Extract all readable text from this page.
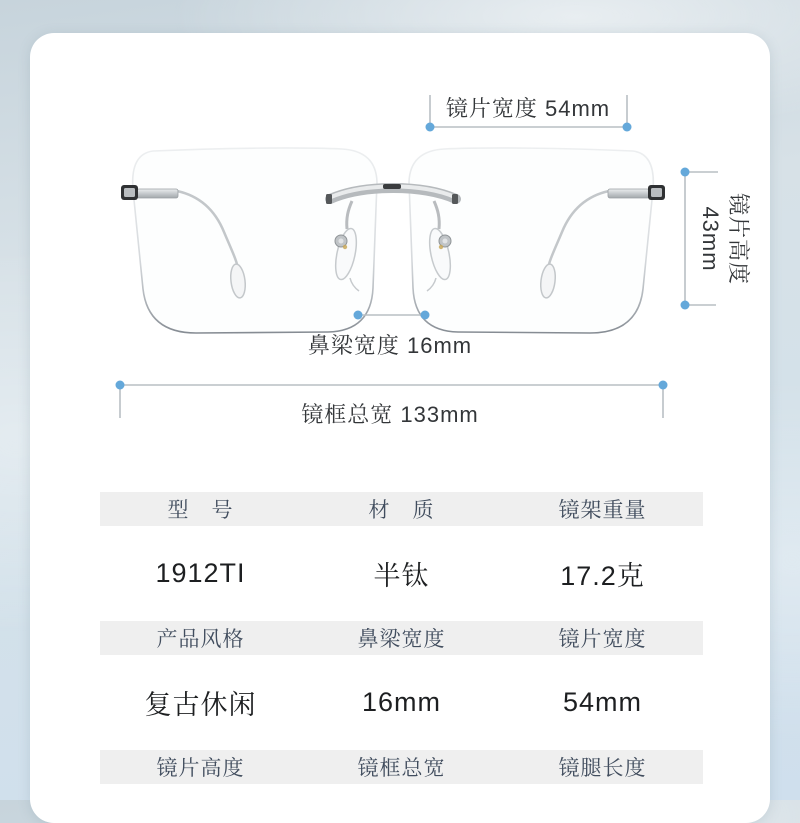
镜片宽度 54mm
镜片高度
43mm
鼻梁宽度 16mm
镜框总宽 133mm
型　号	材　质	镜架重量
1912TI	半钛	17.2克
产品风格	鼻梁宽度	镜片宽度
复古休闲	16mm	54mm
镜片高度	镜框总宽	镜腿长度
